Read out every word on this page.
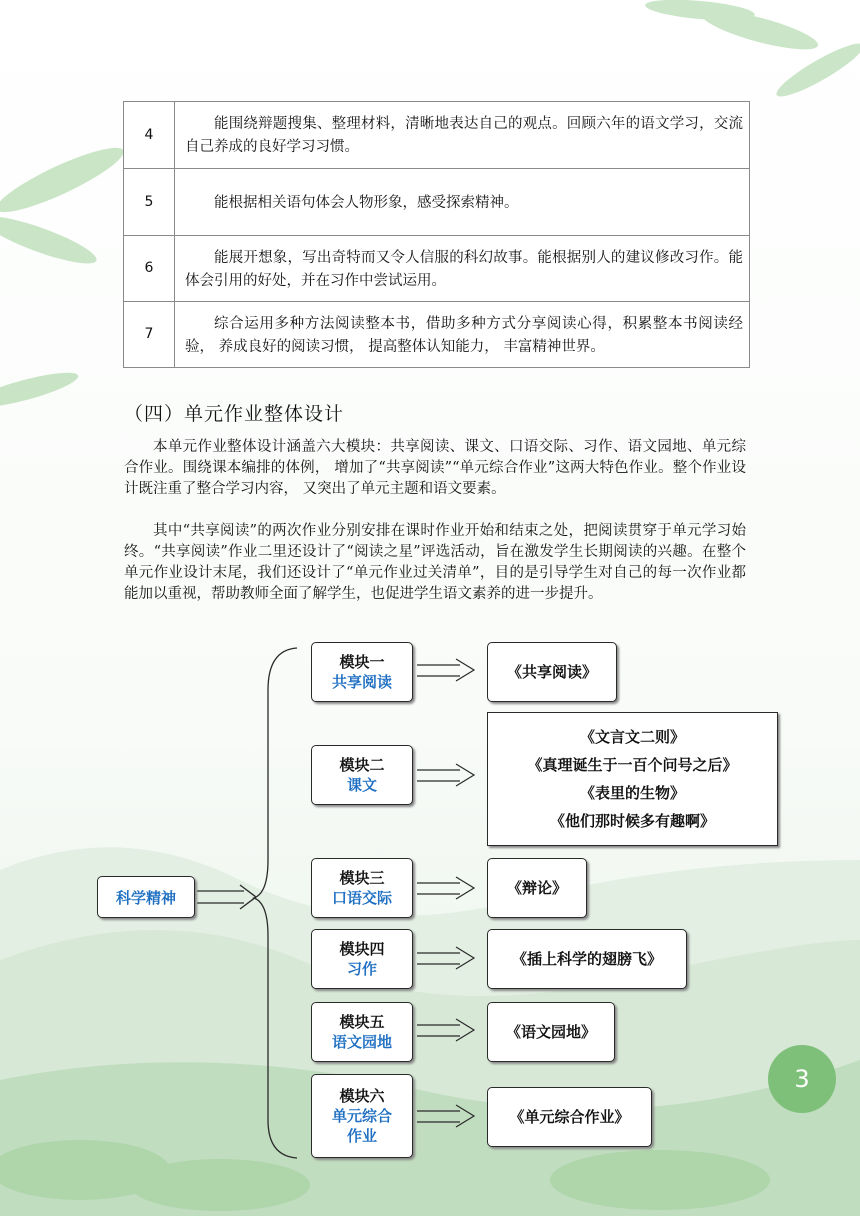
4	能围绕辩题搜集、整理材料，清晰地表达自己的观点。回顾六年的语文学习，交流自己养成的良好学习习惯。
5	能根据相关语句体会人物形象，感受探索精神。
6	能展开想象，写出奇特而又令人信服的科幻故事。能根据别人的建议修改习作。能体会引用的好处，并在习作中尝试运用。
7	综合运用多种方法阅读整本书，借助多种方式分享阅读心得，积累整本书阅读经验， 养成良好的阅读习惯， 提高整体认知能力， 丰富精神世界。
（四）单元作业整体设计

本单元作业整体设计涵盖六大模块：共享阅读、课文、口语交际、习作、语文园地、单元综合作业。围绕课本编排的体例， 增加了“共享阅读”“单元综合作业”这两大特色作业。整个作业设计既注重了整合学习内容， 又突出了单元主题和语文要素。

其中“共享阅读”的两次作业分别安排在课时作业开始和结束之处，把阅读贯穿于单元学习始终。“共享阅读”作业二里还设计了“阅读之星”评选活动，旨在激发学生长期阅读的兴趣。在整个单元作业设计末尾，我们还设计了“单元作业过关清单”，目的是引导学生对自己的每一次作业都能加以重视，帮助教师全面了解学生，也促进学生语文素养的进一步提升。

科学精神
模块一
共享阅读
模块二
课文
模块三
口语交际
模块四
习作
模块五
语文园地
模块六
单元综合作业
《共享阅读》
《文言文二则》
《真理诞生于一百个问号之后》
《表里的生物》
《他们那时候多有趣啊》
《辩论》
《插上科学的翅膀飞》
《语文园地》
《单元综合作业》
3
